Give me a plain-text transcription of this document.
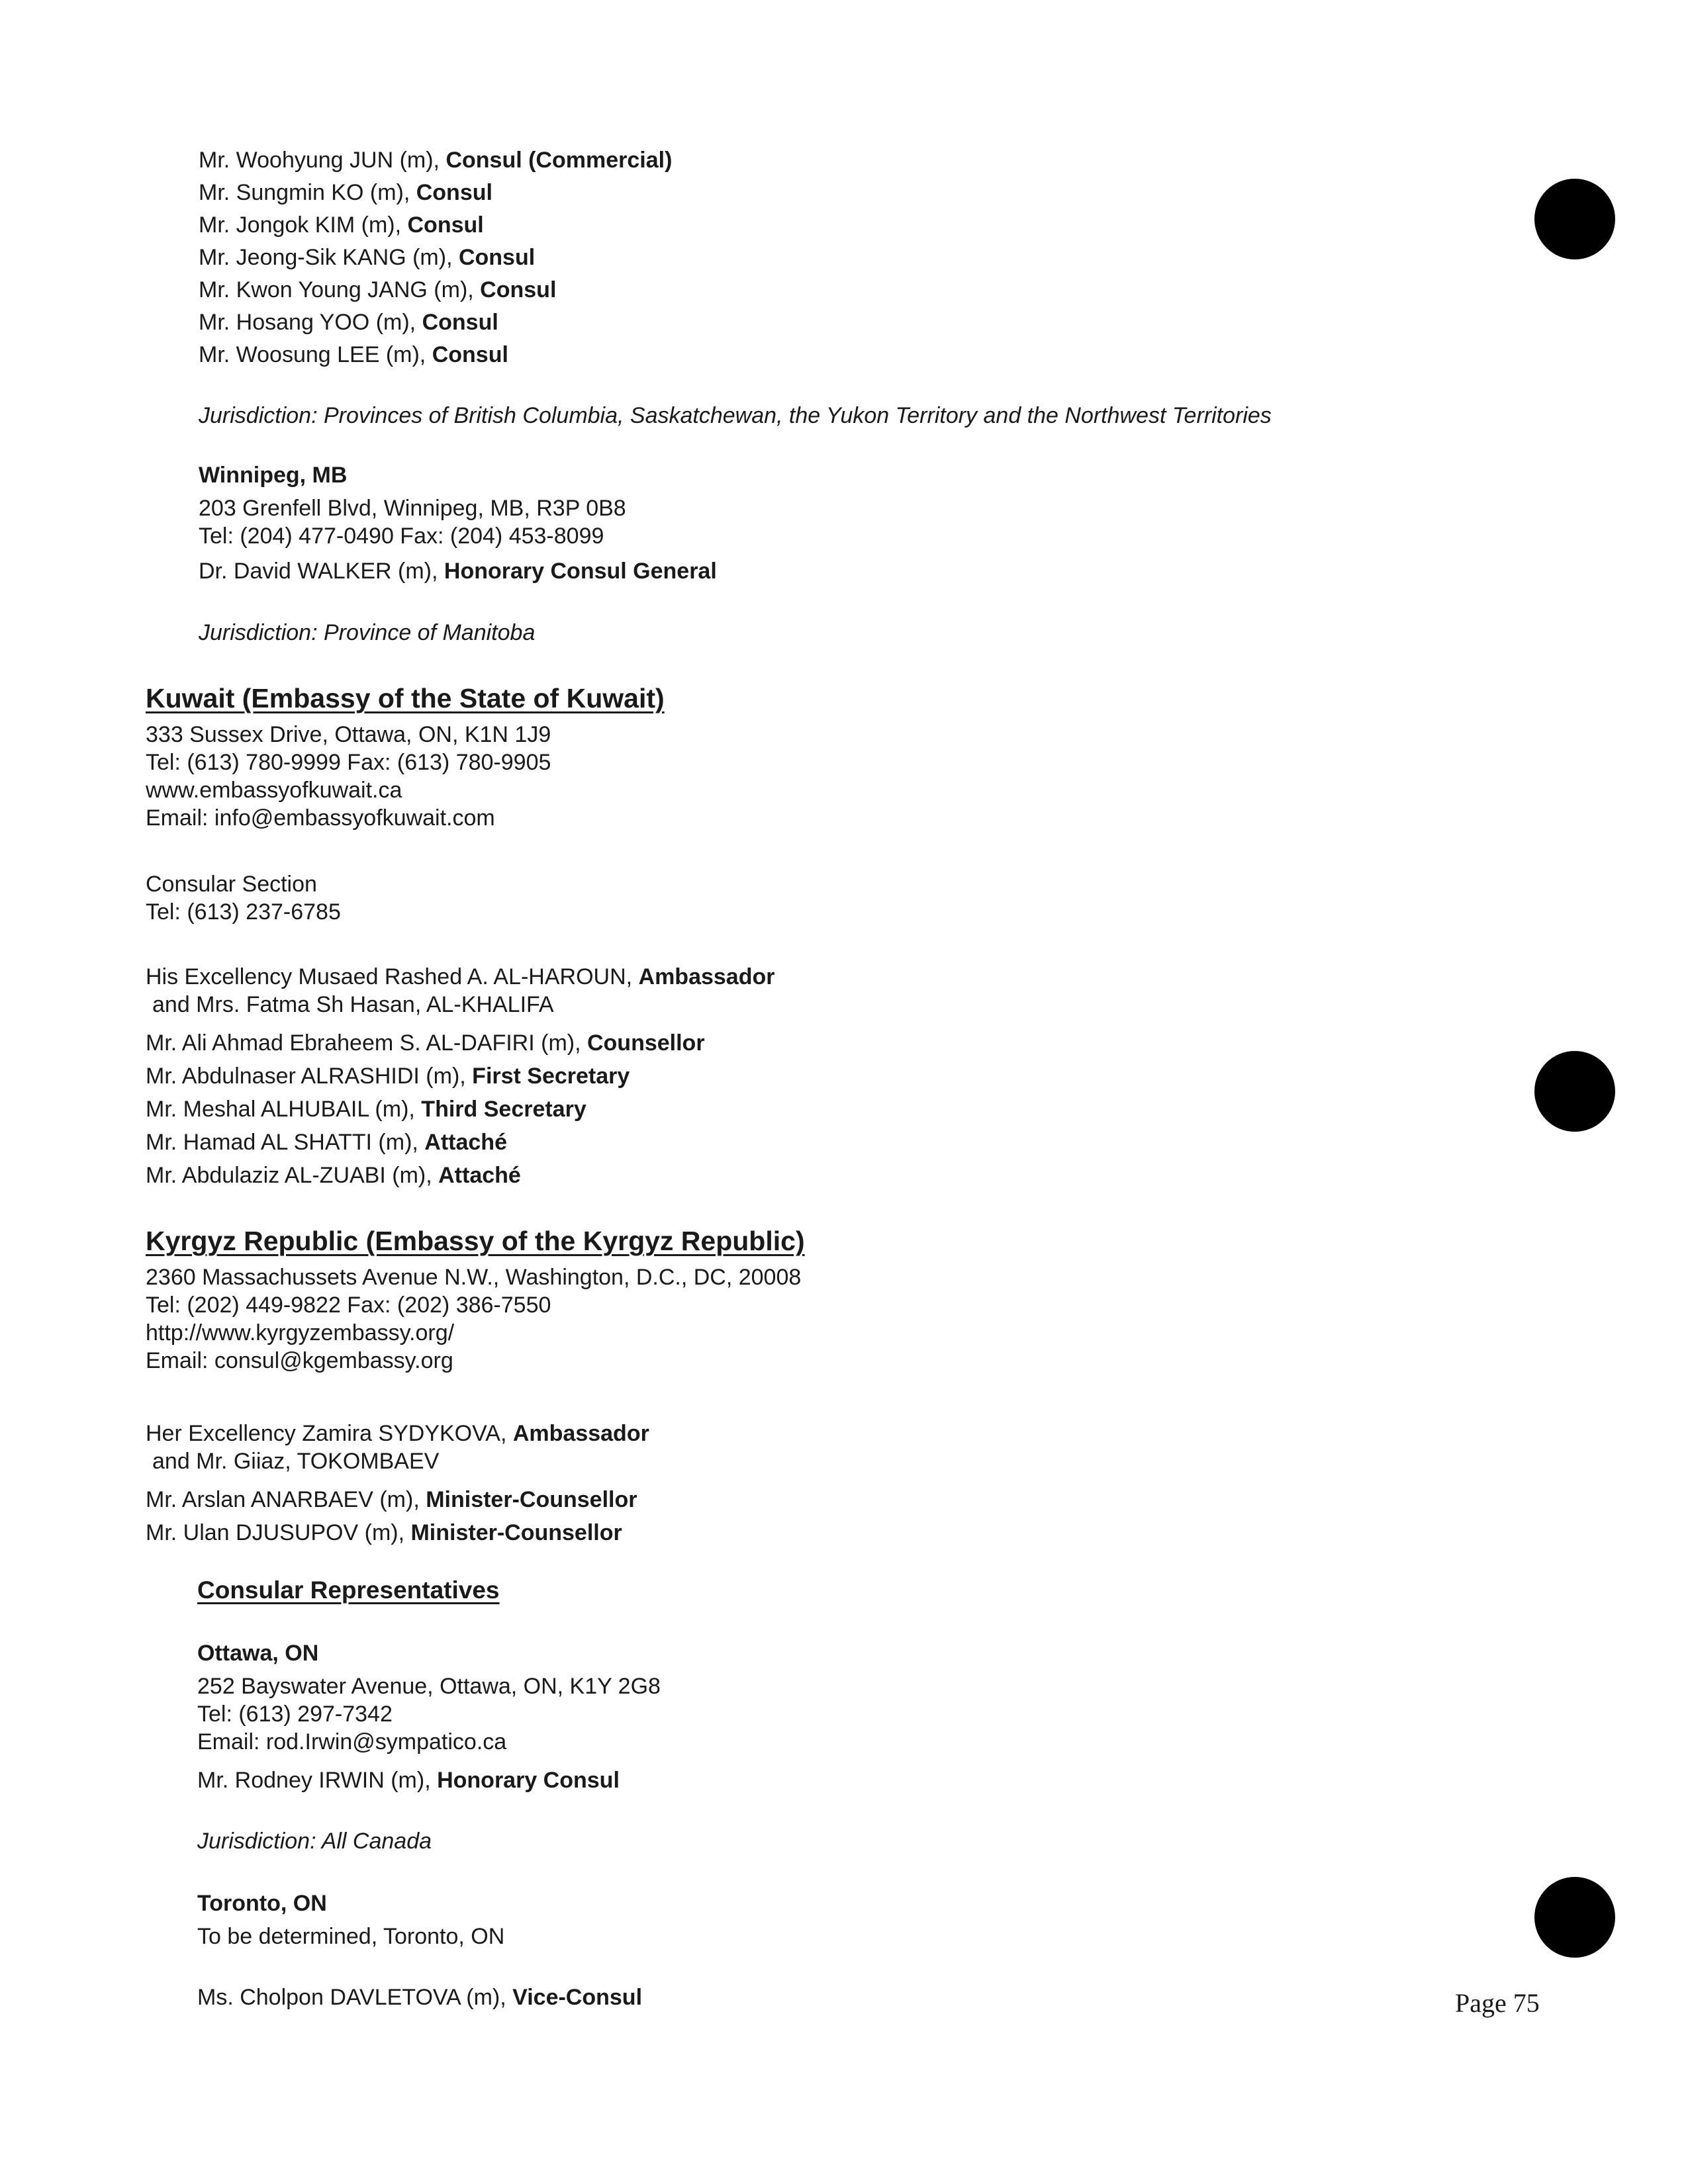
Mr. Woohyung JUN (m), Consul (Commercial)
Mr. Sungmin KO (m), Consul
Mr. Jongok KIM (m), Consul
Mr. Jeong-Sik KANG (m), Consul
Mr. Kwon Young JANG (m), Consul
Mr. Hosang YOO (m), Consul
Mr. Woosung LEE (m), Consul
Jurisdiction: Provinces of British Columbia, Saskatchewan, the Yukon Territory and the Northwest Territories
Winnipeg, MB
203 Grenfell Blvd, Winnipeg, MB, R3P 0B8
Tel: (204) 477-0490 Fax: (204) 453-8099
Dr. David WALKER (m), Honorary Consul General
Jurisdiction: Province of Manitoba
Kuwait (Embassy of the State of Kuwait)
333 Sussex Drive, Ottawa, ON, K1N 1J9
Tel: (613) 780-9999 Fax: (613) 780-9905
www.embassyofkuwait.ca
Email: info@embassyofkuwait.com
Consular Section
Tel: (613) 237-6785
His Excellency Musaed Rashed A. AL-HAROUN, Ambassador
and Mrs. Fatma Sh Hasan, AL-KHALIFA
Mr. Ali Ahmad Ebraheem S. AL-DAFIRI (m), Counsellor
Mr. Abdulnaser ALRASHIDI (m), First Secretary
Mr. Meshal ALHUBAIL (m), Third Secretary
Mr. Hamad AL SHATTI (m), Attaché
Mr. Abdulaziz AL-ZUABI (m), Attaché
Kyrgyz Republic (Embassy of the Kyrgyz Republic)
2360 Massachussets Avenue N.W., Washington, D.C., DC, 20008
Tel: (202) 449-9822 Fax: (202) 386-7550
http://www.kyrgyzembassy.org/
Email: consul@kgembassy.org
Her Excellency Zamira SYDYKOVA, Ambassador
and Mr. Giiaz, TOKOMBAEV
Mr. Arslan ANARBAEV (m), Minister-Counsellor
Mr. Ulan DJUSUPOV (m), Minister-Counsellor
Consular Representatives
Ottawa, ON
252 Bayswater Avenue, Ottawa, ON, K1Y 2G8
Tel: (613) 297-7342
Email: rod.Irwin@sympatico.ca
Mr. Rodney IRWIN (m), Honorary Consul
Jurisdiction: All Canada
Toronto, ON
To be determined, Toronto, ON
Ms. Cholpon DAVLETOVA (m), Vice-Consul	Page 75
